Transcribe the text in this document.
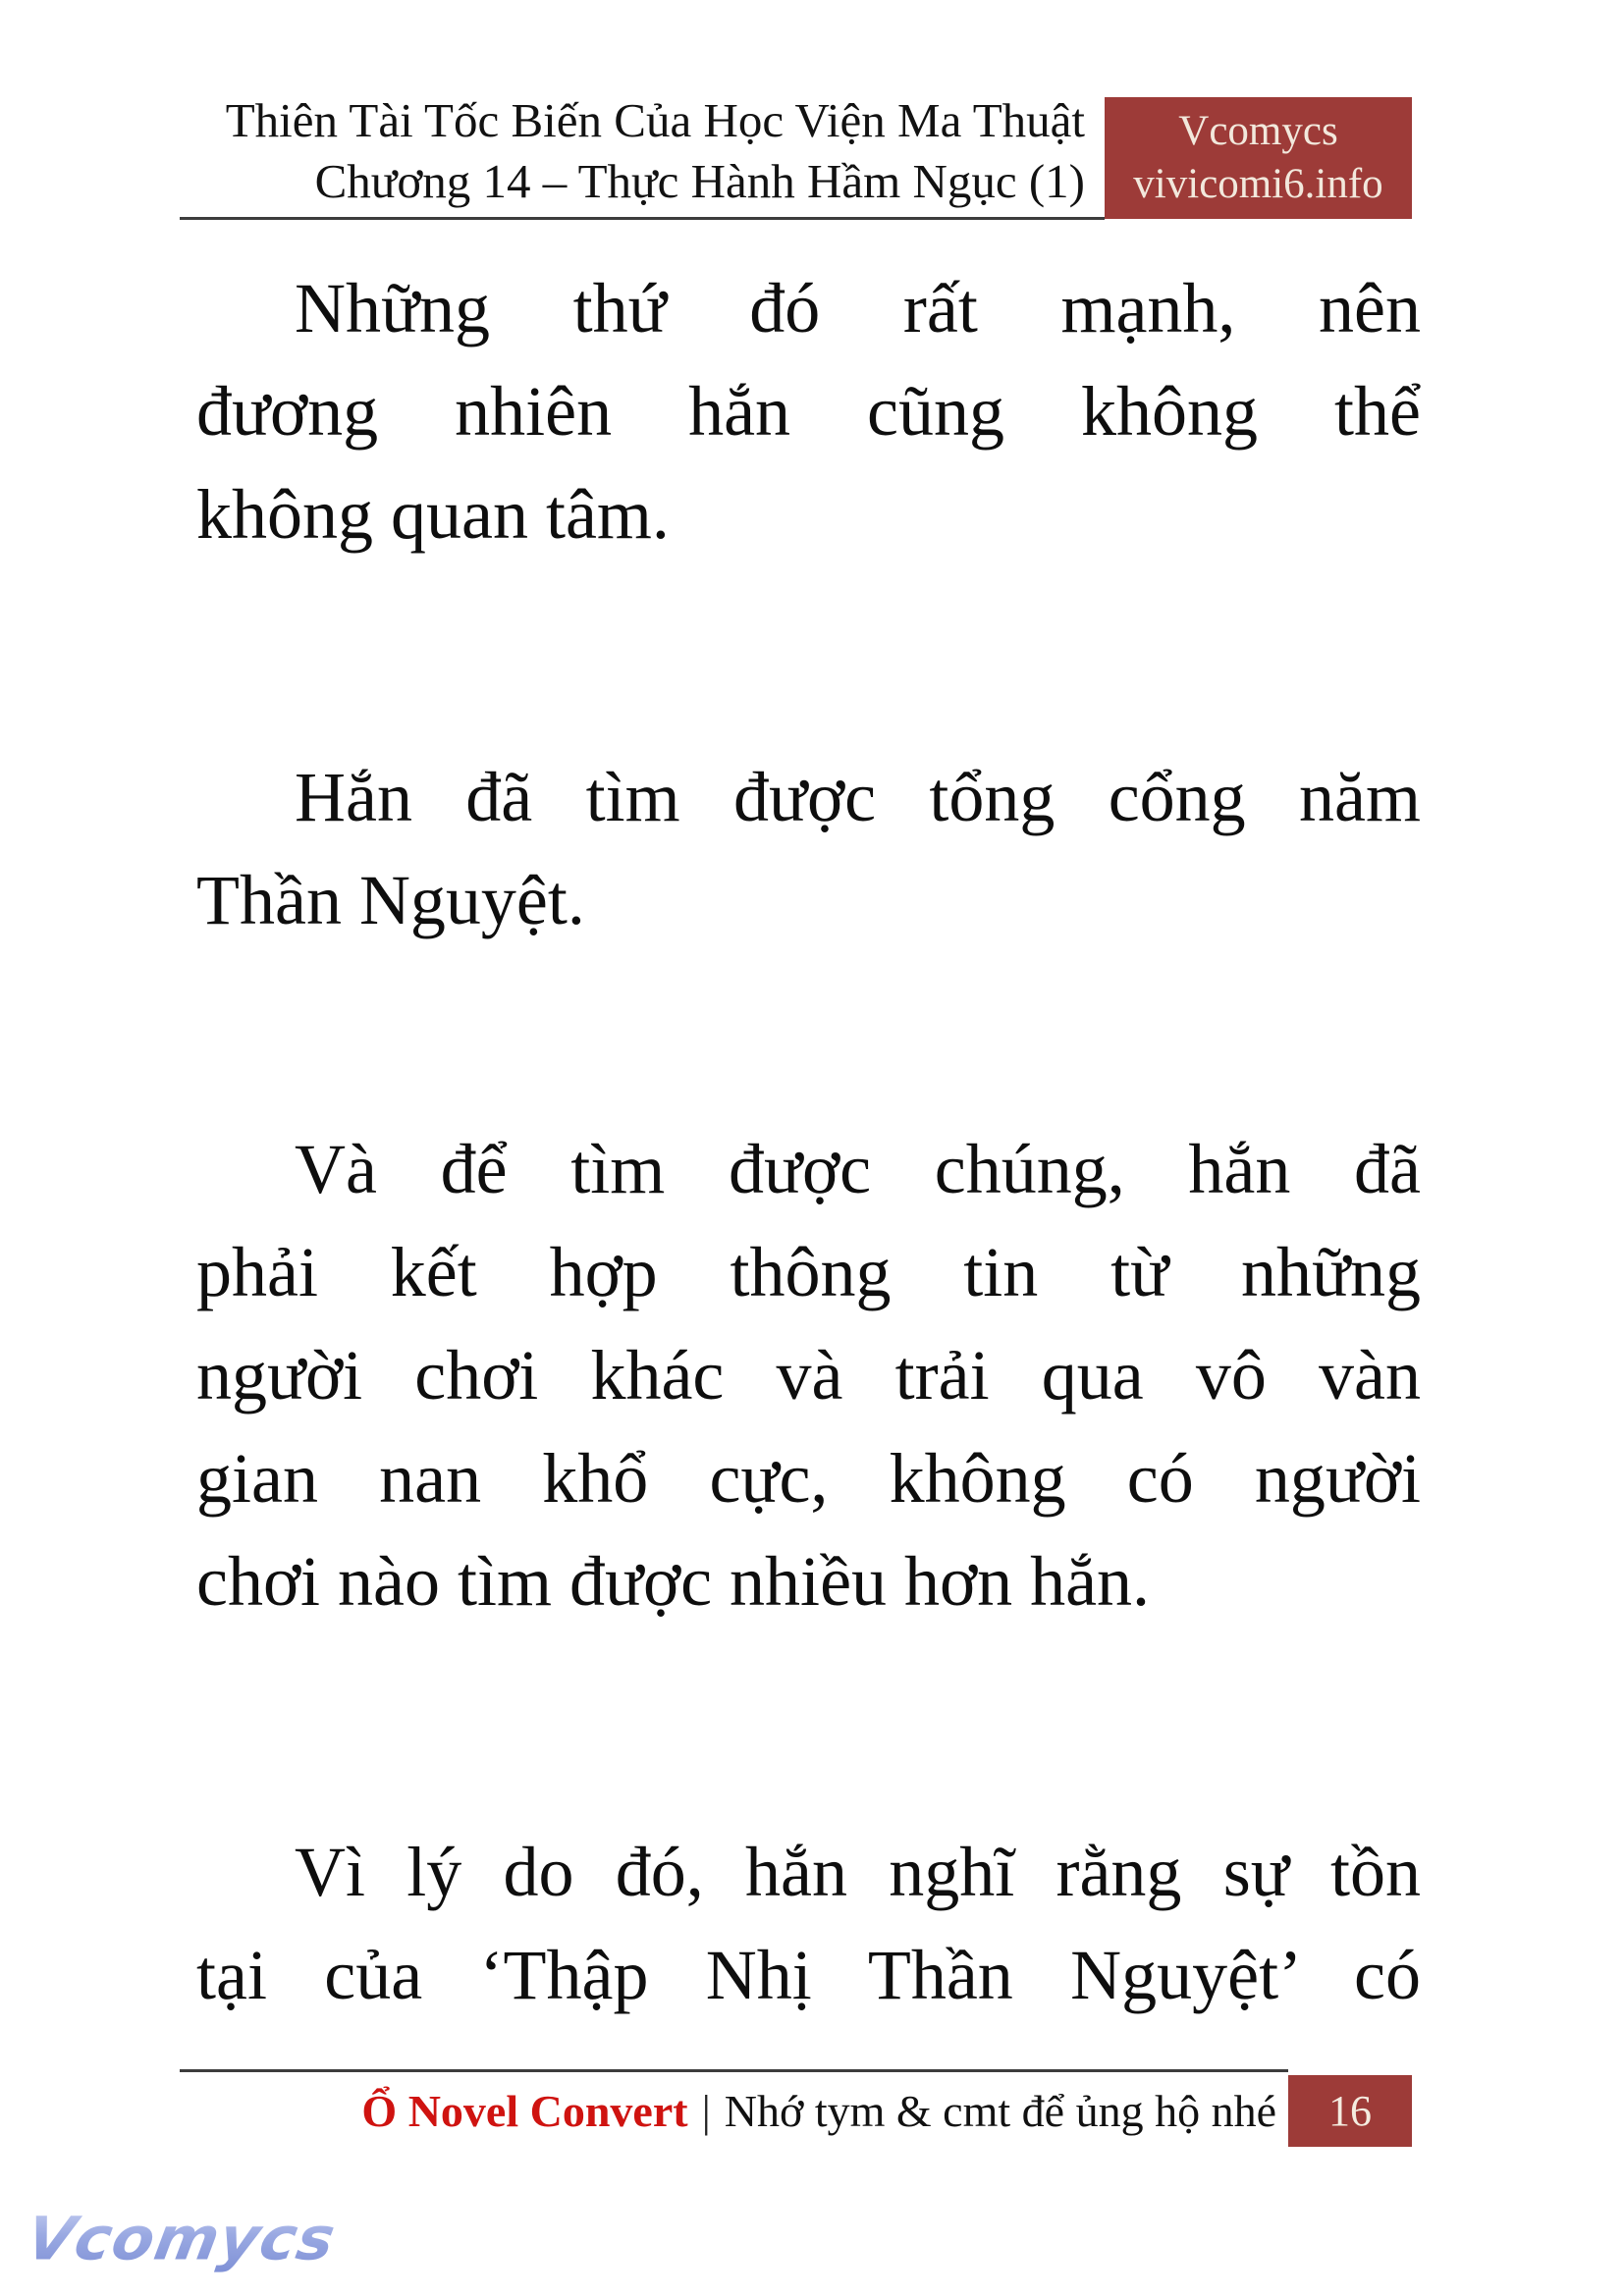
Thiên Tài Tốc Biến Của Học Viện Ma Thuật
Chương 14 – Thực Hành Hầm Ngục (1)
Vcomycs
vivicomi6.info
Những thứ đó rất mạnh, nên
đương nhiên hắn cũng không thể
không quan tâm.
Hắn đã tìm được tổng cổng năm
Thần Nguyệt.
Và để tìm được chúng, hắn đã
phải kết hợp thông tin từ những
người chơi khác và trải qua vô vàn
gian nan khổ cực, không có người
chơi nào tìm được nhiều hơn hắn.
Vì lý do đó, hắn nghĩ rằng sự tồn
tại của ‘Thập Nhị Thần Nguyệt’ có
Ổ Novel Convert | Nhớ tym & cmt để ủng hộ nhé 16
Vcomycs
